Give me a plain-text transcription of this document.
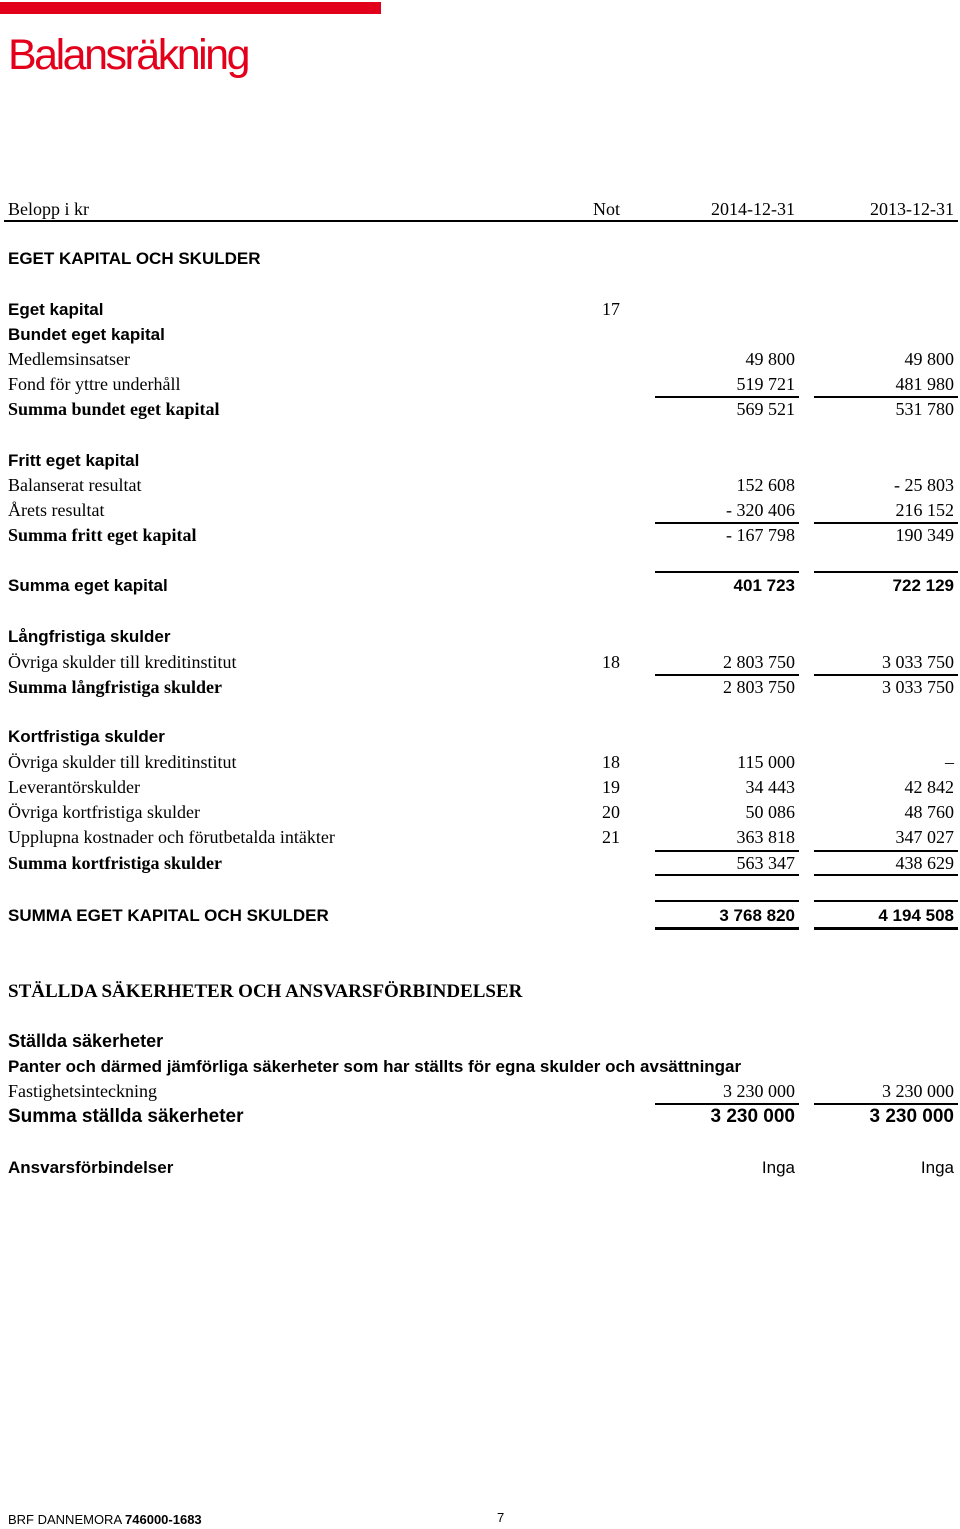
Balansräkning
Belopp i kr	Not	2014-12-31	2013-12-31
EGET KAPITAL OCH SKULDER
Eget kapital	17
Bundet eget kapital
Medlemsinsatser	49 800	49 800
Fond för yttre underhåll	519 721	481 980
Summa bundet eget kapital	569 521	531 780
Fritt eget kapital
Balanserat resultat	152 608	- 25 803
Årets resultat	- 320 406	216 152
Summa fritt eget kapital	- 167 798	190 349
Summa eget kapital	401 723	722 129
Långfristiga skulder
Övriga skulder till kreditinstitut	18	2 803 750	3 033 750
Summa långfristiga skulder	2 803 750	3 033 750
Kortfristiga skulder
Övriga skulder till kreditinstitut	18	115 000	–
Leverantörskulder	19	34 443	42 842
Övriga kortfristiga skulder	20	50 086	48 760
Upplupna kostnader och förutbetalda intäkter	21	363 818	347 027
Summa kortfristiga skulder	563 347	438 629
SUMMA EGET KAPITAL OCH SKULDER	3 768 820	4 194 508
STÄLLDA SÄKERHETER OCH ANSVARSFÖRBINDELSER
Ställda säkerheter
Panter och därmed jämförliga säkerheter som har ställts för egna skulder och avsättningar
Fastighetsinteckning	3 230 000	3 230 000
Summa ställda säkerheter	3 230 000	3 230 000
Ansvarsförbindelser	Inga	Inga
BRF DANNEMORA 746000-1683	7
